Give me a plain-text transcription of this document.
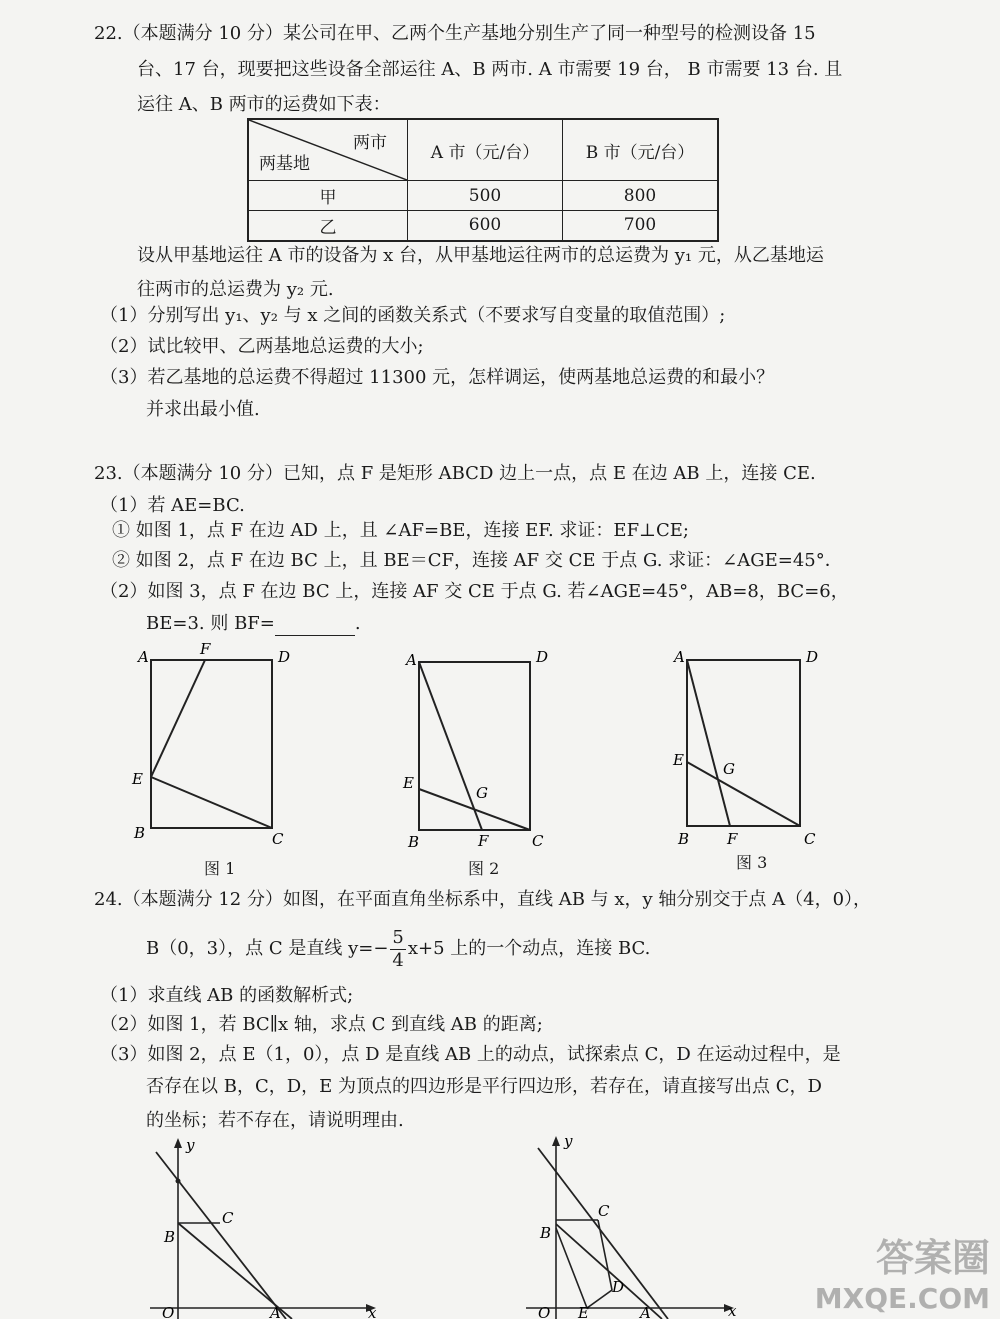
22.（本题满分 10 分）某公司在甲、乙两个生产基地分别生产了同一种型号的检测设备 15
台、17 台，现要把这些设备全部运往 A、B 两市. A 市需要 19 台， B 市需要 13 台. 且
运往 A、B 两市的运费如下表：
两市
两基地	A 市（元/台）	B 市（元/台）
甲	500	800
乙	600	700
设从甲基地运往 A 市的设备为 x 台，从甲基地运往两市的总运费为 y₁ 元，从乙基地运
往两市的总运费为 y₂ 元.
（1）分别写出 y₁、y₂ 与 x 之间的函数关系式（不要求写自变量的取值范围）;
（2）试比较甲、乙两基地总运费的大小;
（3）若乙基地的总运费不得超过 11300 元，怎样调运，使两基地总运费的和最小？
并求出最小值.
23.（本题满分 10 分）已知，点 F 是矩形 ABCD 边上一点，点 E 在边 AB 上，连接 CE.
（1）若 AE=BC.
① 如图 1，点 F 在边 AD 上，且 ∠AF=BE，连接 EF. 求证：EF⊥CE;
② 如图 2，点 F 在边 BC 上，且 BE＝CF，连接 AF 交 CE 于点 G. 求证：∠AGE=45°．
（2）如图 3，点 F 在边 BC 上，连接 AF 交 CE 于点 G. 若∠AGE=45°，AB=8，BC=6，
BE=3. 则 BF=	.
A	F	D
E
B	C
图 1
A	D
E
G
B	F	C
图 2
A	D
E	G
B	F	C
图 3
24.（本题满分 12 分）如图，在平面直角坐标系中，直线 AB 与 x，y 轴分别交于点 A（4，0），
B（0，3），点 C 是直线 $y=- \frac{5}{4} x+5$ 上的一个动点，连接 BC.
（1）求直线 AB 的函数解析式;
（2）如图 1，若 BC∥x 轴，求点 C 到直线 AB 的距离;
（3）如图 2，点 E（1，0），点 D 是直线 AB 上的动点，试探索点 C，D 在运动过程中，是
否存在以 B，C，D，E 为顶点的四边形是平行四边形，若存在，请直接写出点 C，D
的坐标；若不存在，请说明理由.
y
B
C
O	A	x
y
B
C
D
O E	A	x
答案圈
MXQE.COM
